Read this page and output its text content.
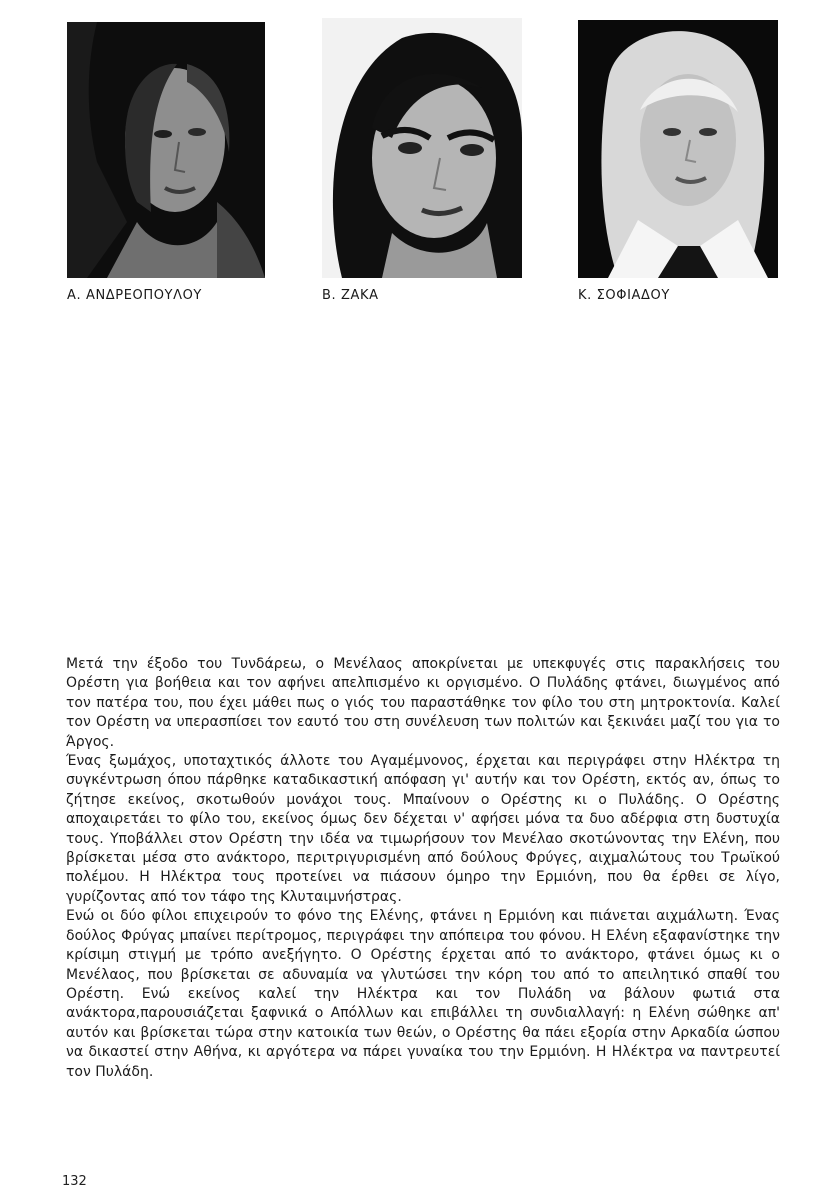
Α. ΑΝΔΡΕΟΠΟΥΛΟΥ	Β. ΖΑΚΑ	Κ. ΣΟΦΙΑΔΟΥ

Μετά την έξοδο του Τυνδάρεω, ο Μενέλαος αποκρίνεται με υπεκφυγές στις παρακλήσεις του Ορέστη για βοήθεια και τον αφήνει απελπισμένο κι οργισμένο. Ο Πυλάδης φτάνει, διωγμένος από τον πατέρα του, που έχει μάθει πως ο γιός του παραστάθηκε τον φίλο του στη μητροκτονία. Καλεί τον Ορέστη να υπερασπίσει τον εαυτό του στη συνέλευση των πολιτών και ξεκινάει μαζί του για το Άργος.

Ένας ξωμάχος, υποταχτικός άλλοτε του Αγαμέμνονος, έρχεται και περιγράφει στην Ηλέκτρα τη συγκέντρωση όπου πάρθηκε καταδικαστική απόφαση γι' αυτήν και τον Ορέστη, εκτός αν, όπως το ζήτησε εκείνος, σκοτωθούν μονάχοι τους. Μπαίνουν ο Ορέστης κι ο Πυλάδης. Ο Ορέστης αποχαιρετάει το φίλο του, εκείνος όμως δεν δέχεται ν' αφήσει μόνα τα δυο αδέρφια στη δυστυχία τους. Υποβάλλει στον Ορέστη την ιδέα να τιμωρήσουν τον Μενέλαο σκοτώνοντας την Ελένη, που βρίσκεται μέσα στο ανάκτορο, περιτριγυρισμένη από δούλους Φρύγες, αιχμαλώτους του Τρωϊκού πολέμου. Η Ηλέκτρα τους προτείνει να πιάσουν όμηρο την Ερμιόνη, που θα έρθει σε λίγο, γυρίζοντας από τον τάφο της Κλυταιμνήστρας.

Ενώ οι δύο φίλοι επιχειρούν το φόνο της Ελένης, φτάνει η Ερμιόνη και πιάνεται αιχμάλωτη. Ένας δούλος Φρύγας μπαίνει περίτρομος, περιγράφει την απόπειρα του φόνου. Η Ελένη εξαφανίστηκε την κρίσιμη στιγμή με τρόπο ανεξήγητο. Ο Ορέστης έρχεται από το ανάκτορο, φτάνει όμως κι ο Μενέλαος, που βρίσκεται σε αδυναμία να γλυτώσει την κόρη του από το απειλητικό σπαθί του Ορέστη. Ενώ εκείνος καλεί την Ηλέκτρα και τον Πυλάδη να βάλουν φωτιά στα ανάκτορα,παρουσιάζεται ξαφνικά ο Απόλλων και επιβάλλει τη συνδιαλλαγή: η Ελένη σώθηκε απ' αυτόν και βρίσκεται τώρα στην κατοικία των θεών, ο Ορέστης θα πάει εξορία στην Αρκαδία ώσπου να δικαστεί στην Αθήνα, κι αργότερα να πάρει γυναίκα του την Ερμιόνη. Η Ηλέκτρα να παντρευτεί τον Πυλάδη.

132
